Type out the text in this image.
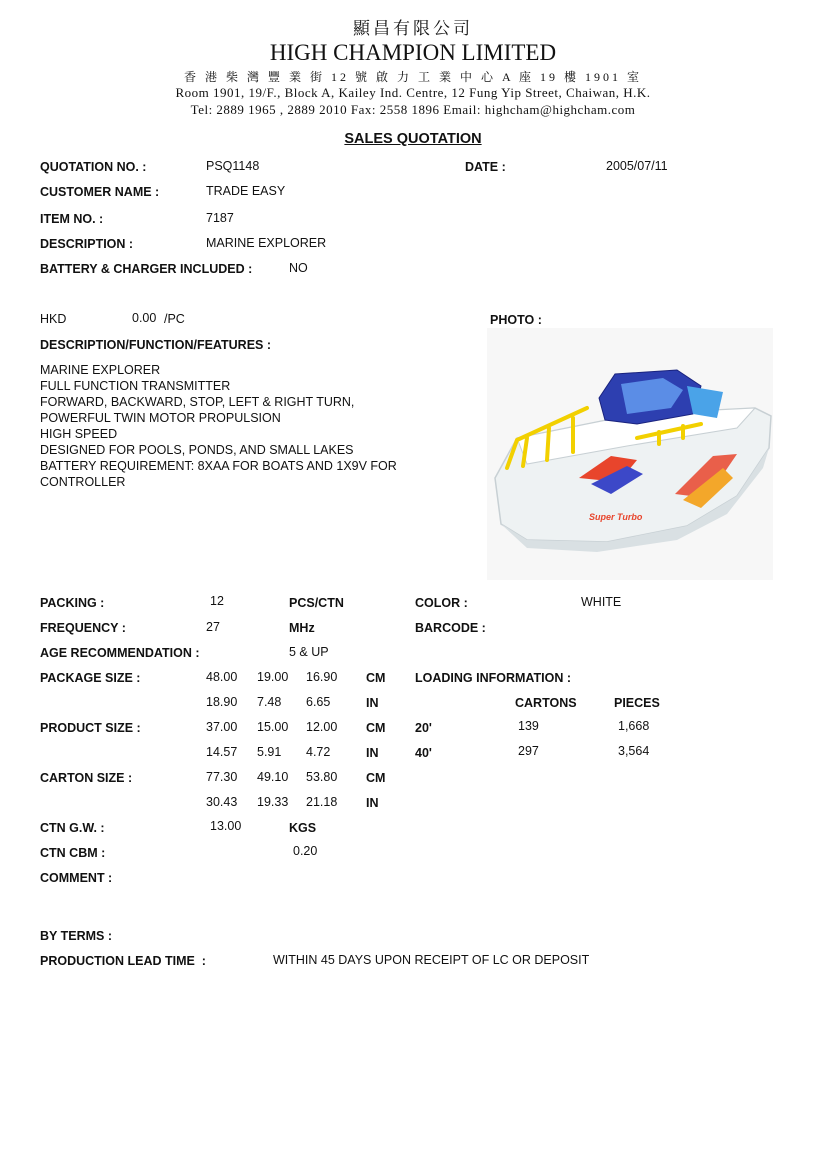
顯昌有限公司
HIGH CHAMPION LIMITED
香 港 柴 灣 豐 業 街 12 號 啟 力 工 業 中 心 A 座 19 樓 1901 室
Room 1901, 19/F., Block A, Kailey Ind. Centre, 12 Fung Yip Street, Chaiwan, H.K.
Tel: 2889 1965 , 2889 2010 Fax: 2558 1896 Email: highcham@highcham.com
SALES QUOTATION
QUOTATION NO. :	PSQ1148	DATE :	2005/07/11
CUSTOMER NAME :	TRADE EASY
ITEM NO. :	7187
DESCRIPTION :	MARINE EXPLORER
BATTERY & CHARGER INCLUDED :	NO
HKD	0.00 /PC	PHOTO :
DESCRIPTION/FUNCTION/FEATURES :
MARINE EXPLORER
FULL FUNCTION TRANSMITTER
FORWARD, BACKWARD, STOP, LEFT & RIGHT TURN,
POWERFUL TWIN MOTOR PROPULSION
HIGH SPEED
DESIGNED FOR POOLS, PONDS, AND SMALL LAKES
BATTERY REQUIREMENT: 8XAA FOR BOATS AND 1X9V FOR
CONTROLLER
Super Turbo
PACKING :	12	PCS/CTN	COLOR :	WHITE
FREQUENCY :	27	MHz	BARCODE :
AGE RECOMMENDATION :	5 & UP
PACKAGE SIZE :	48.00 19.00 16.90 CM
18.90 7.48 6.65	IN
PRODUCT SIZE :	37.00 15.00 12.00 CM
14.57 5.91 4.72	IN
CARTON SIZE :	77.30 49.10 53.80 CM
30.43 19.33 21.18 IN
LOADING INFORMATION :
CARTONS	PIECES
20'	139	1,668
40'	297	3,564
CTN G.W. :	13.00	KGS
CTN CBM :	0.20
COMMENT :
BY TERMS :
PRODUCTION LEAD TIME  :	WITHIN 45 DAYS UPON RECEIPT OF LC OR DEPOSIT
